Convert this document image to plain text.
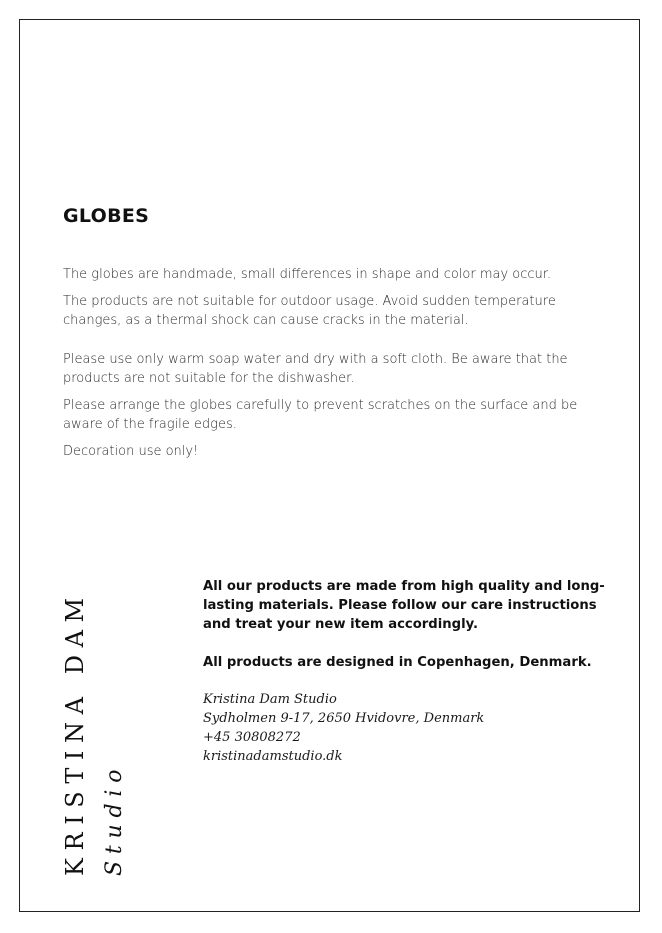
GLOBES

The globes are handmade, small differences in shape and color may occur.

The products are not suitable for outdoor usage. Avoid sudden temperature changes, as a thermal shock can cause cracks in the material.

Please use only warm soap water and dry with a soft cloth. Be aware that the products are not suitable for the dishwasher.

Please arrange the globes carefully to prevent scratches on the surface and be aware of the fragile edges.

Decoration use only!

KRISTINA DAM Studio

All our products are made from high quality and long-lasting materials. Please follow our care instructions and treat your new item accordingly.

All products are designed in Copenhagen, Denmark.

Kristina Dam Studio
Sydholmen 9-17, 2650 Hvidovre, Denmark
+45 30808272
kristinadamstudio.dk
